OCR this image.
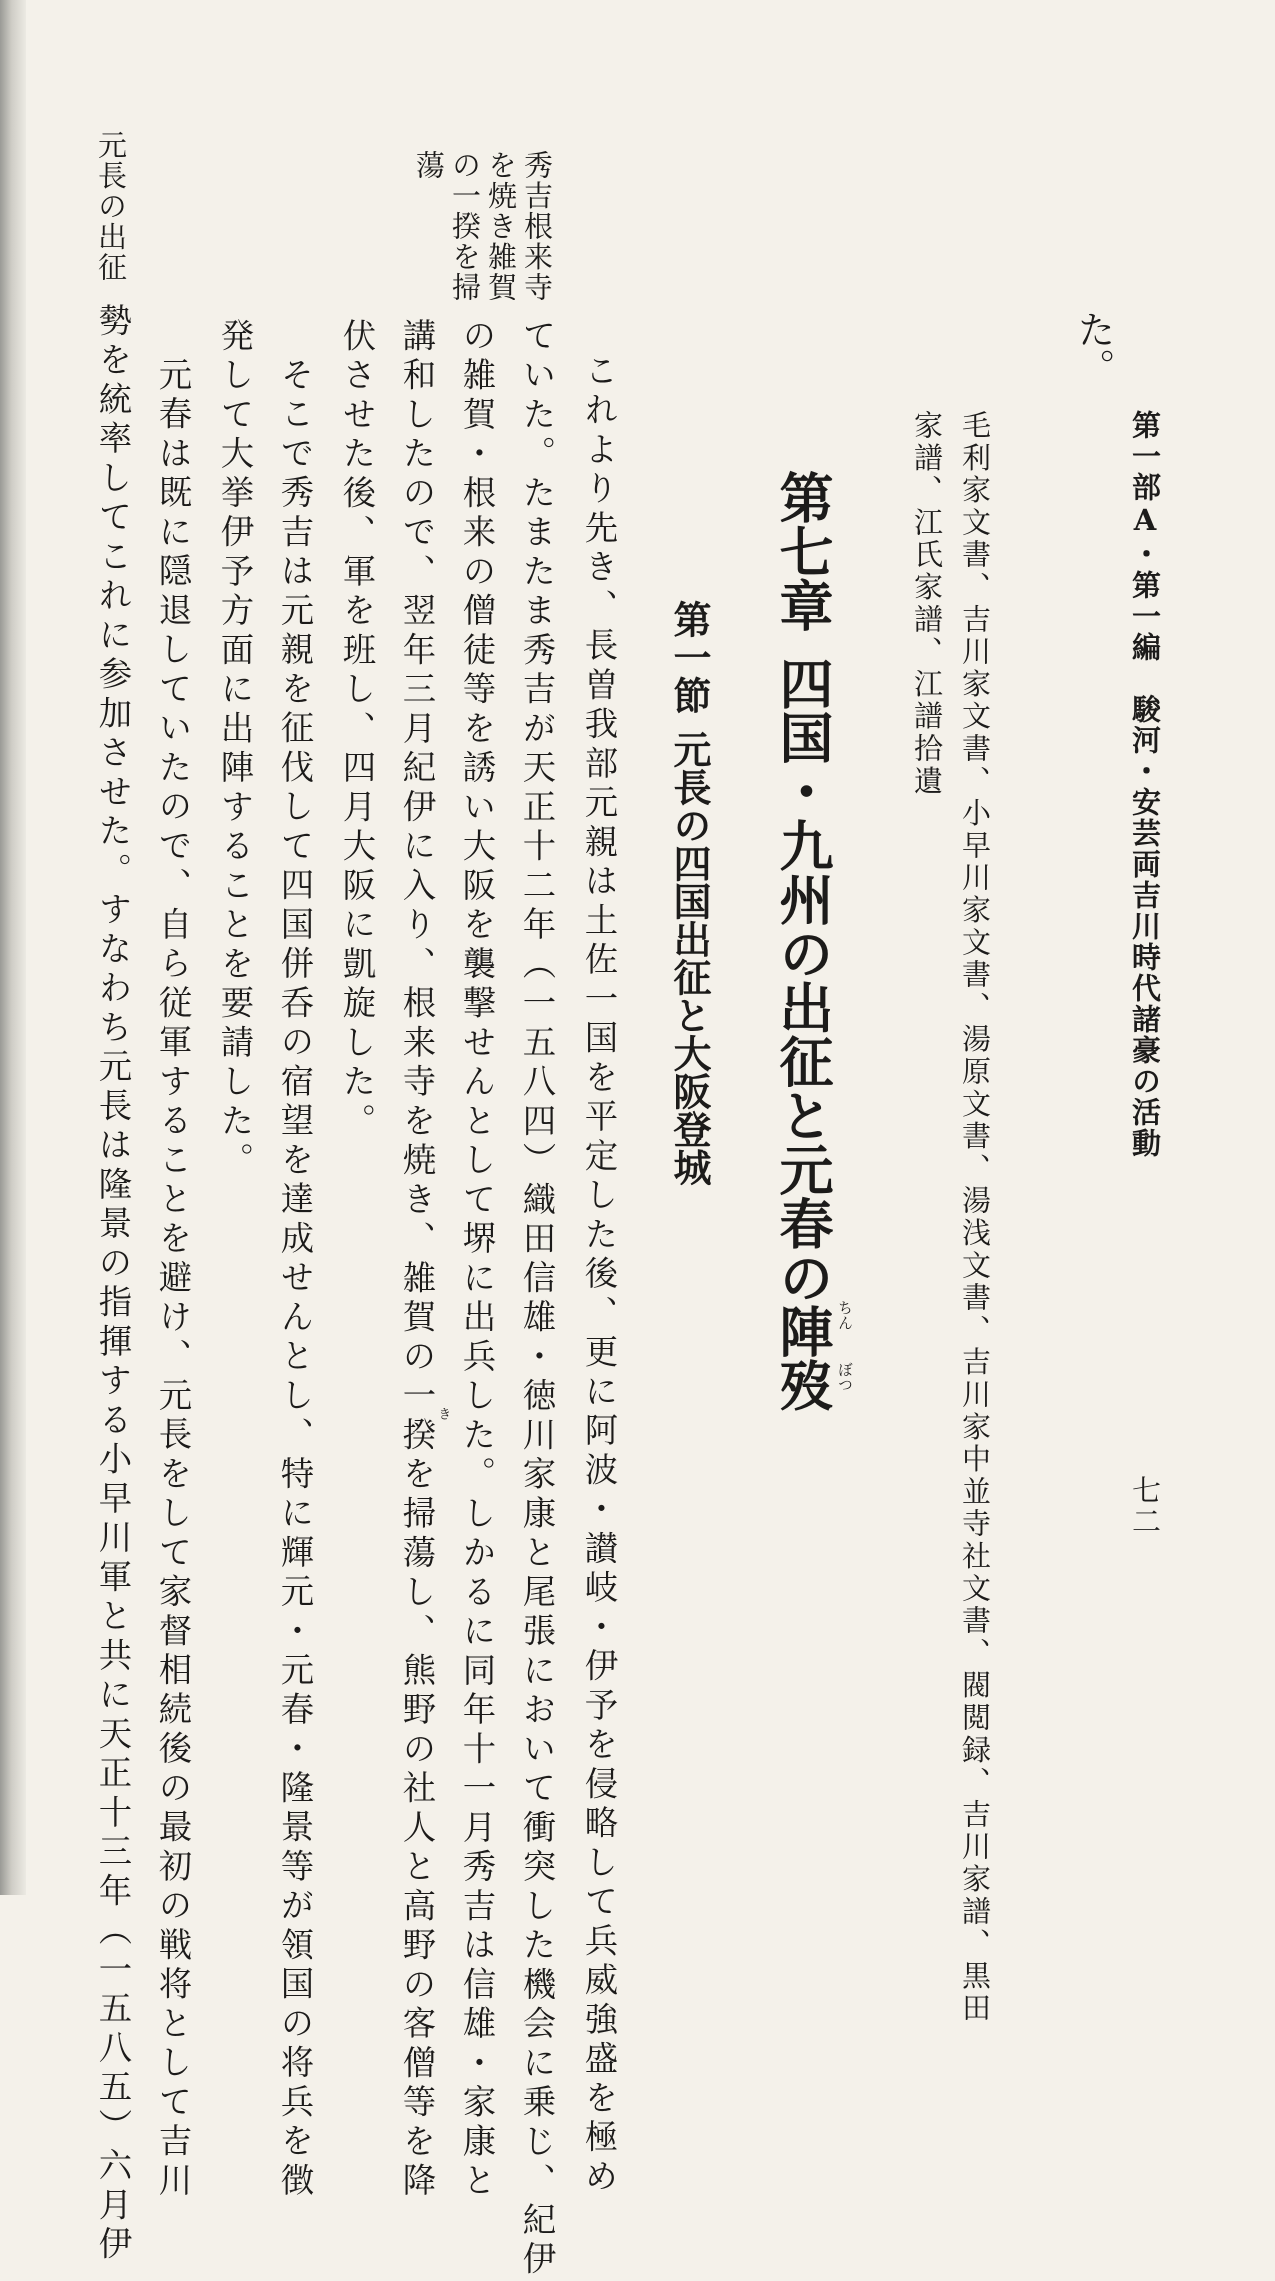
第一部A・第一編　駿河・安芸両吉川時代諸豪の活動
七二
た。
毛利家文書、吉川家文書、小早川家文書、湯原文書、湯浅文書、吉川家中並寺社文書、閥閲録、吉川家譜、黒田
家譜、江氏家譜、江譜拾遺
第七章四国・九州の出征と元春の陣歿
ちん
ぼつ
第一節元長の四国出征と大阪登城
これより先き、長曽我部元親は土佐一国を平定した後、更に阿波・讃岐・伊予を侵略して兵威強盛を極め
ていた。たまたま秀吉が天正十二年（一五八四）織田信雄・徳川家康と尾張において衝突した機会に乗じ、紀伊
の雑賀・根来の僧徒等を誘い大阪を襲撃せんとして堺に出兵した。しかるに同年十一月秀吉は信雄・家康と
講和したので、翌年三月紀伊に入り、根来寺を焼き、雑賀の一揆
き
を掃蕩し、熊野の社人と高野の客僧等を降
伏させた後、軍を班し、四月大阪に凱旋した。
そこで秀吉は元親を征伐して四国併呑の宿望を達成せんとし、特に輝元・元春・隆景等が領国の将兵を徴
発して大挙伊予方面に出陣することを要請した。
元春は既に隠退していたので、自ら従軍することを避け、元長をして家督相続後の最初の戦将として吉川
勢を統率してこれに参加させた。すなわち元長は隆景の指揮する小早川軍と共に天正十三年（一五八五）六月伊
秀吉根来寺
を焼き雑賀
の一揆を掃
蕩
元長の出征
